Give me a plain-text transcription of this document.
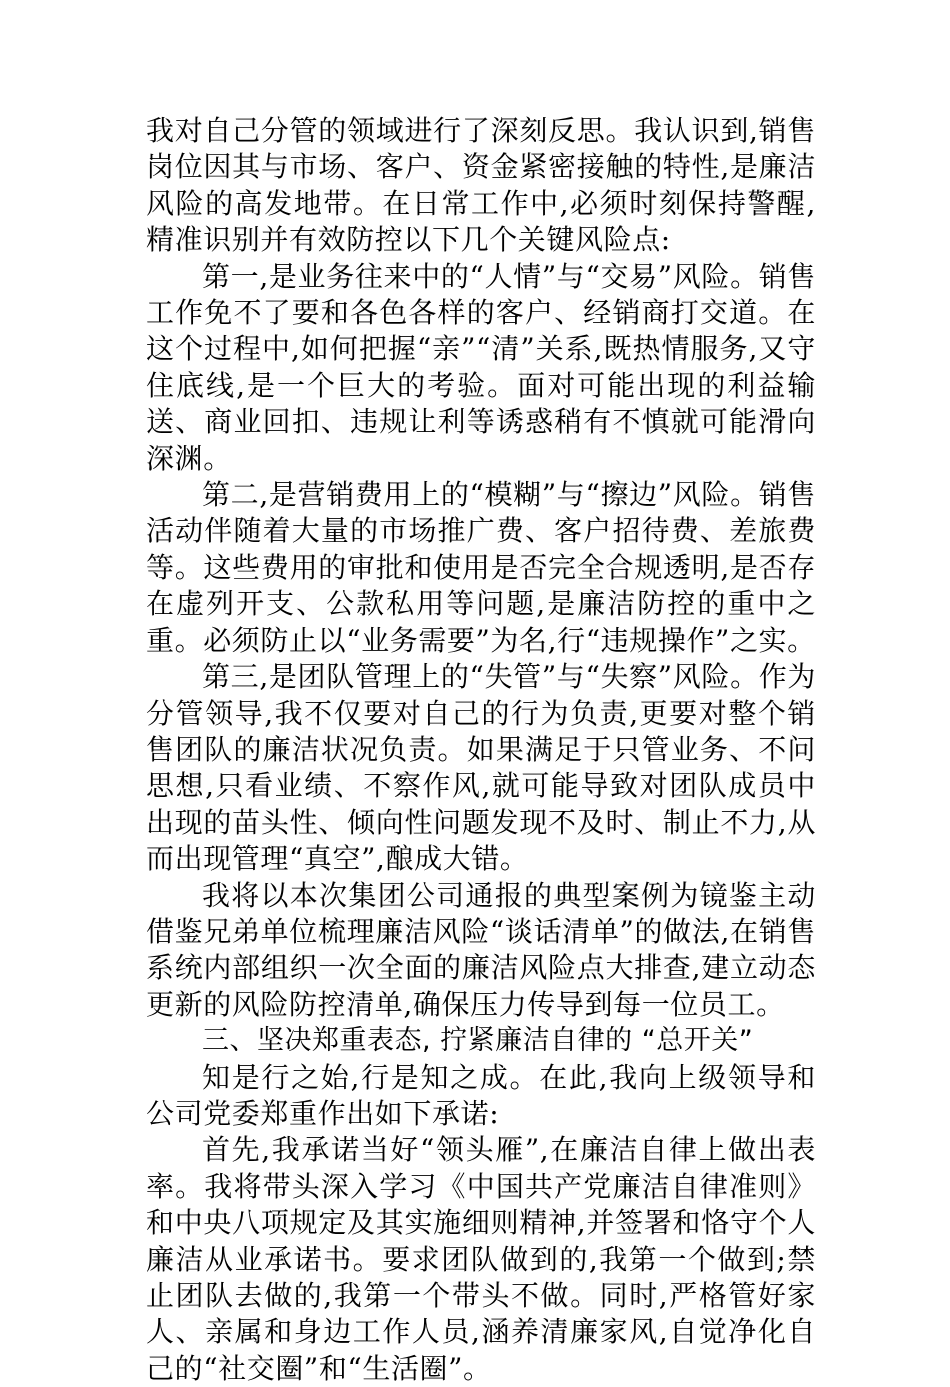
我对自己分管的领域进行了深刻反思。我认识到,销售岗位因其与市场、客户、资金紧密接触的特性,是廉洁风险的高发地带。在日常工作中,必须时刻保持警醒,精准识别并有效防控以下几个关键风险点:

第一,是业务往来中的“人情”与“交易”风险。销售工作免不了要和各色各样的客户、经销商打交道。在这个过程中,如何把握“亲”“清”关系,既热情服务,又守住底线,是一个巨大的考验。面对可能出现的利益输送、商业回扣、违规让利等诱惑稍有不慎就可能滑向深渊。

第二,是营销费用上的“模糊”与“擦边”风险。销售活动伴随着大量的市场推广费、客户招待费、差旅费等。这些费用的审批和使用是否完全合规透明,是否存在虚列开支、公款私用等问题,是廉洁防控的重中之重。必须防止以“业务需要”为名,行“违规操作”之实。

第三,是团队管理上的“失管”与“失察”风险。作为分管领导,我不仅要对自己的行为负责,更要对整个销售团队的廉洁状况负责。如果满足于只管业务、不问思想,只看业绩、不察作风,就可能导致对团队成员中出现的苗头性、倾向性问题发现不及时、制止不力,从而出现管理“真空”,酿成大错。

我将以本次集团公司通报的典型案例为镜鉴主动借鉴兄弟单位梳理廉洁风险“谈话清单”的做法,在销售系统内部组织一次全面的廉洁风险点大排查,建立动态更新的风险防控清单,确保压力传导到每一位员工。

三、坚决郑重表态, 拧紧廉洁自律的 “总开关”

知是行之始,行是知之成。在此,我向上级领导和公司党委郑重作出如下承诺:

首先,我承诺当好“领头雁”,在廉洁自律上做出表率。我将带头深入学习《中国共产党廉洁自律准则》和中央八项规定及其实施细则精神,并签署和恪守个人廉洁从业承诺书。要求团队做到的,我第一个做到;禁止团队去做的,我第一个带头不做。同时,严格管好家人、亲属和身边工作人员,涵养清廉家风,自觉净化自己的“社交圈”和“生活圈”。
